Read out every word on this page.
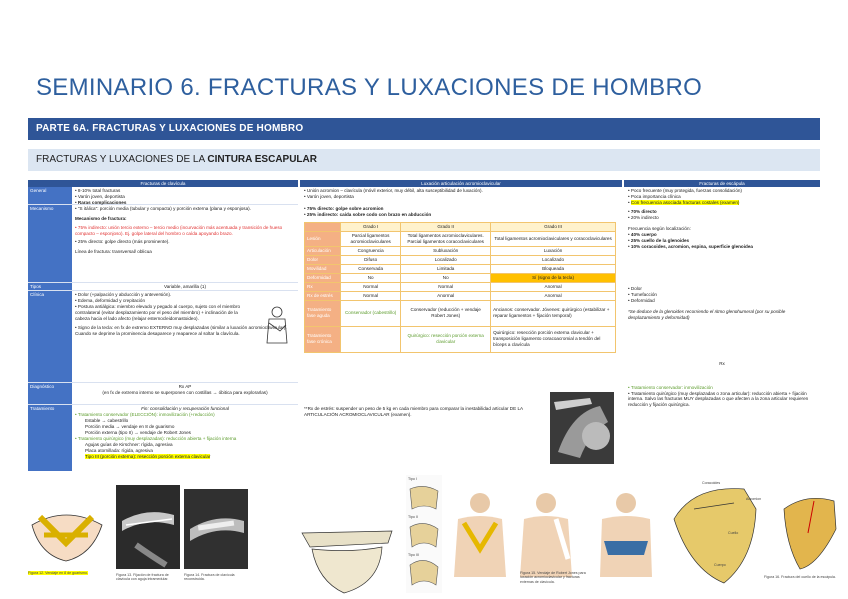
SEMINARIO 6. FRACTURAS Y LUXACIONES DE HOMBRO
PARTE 6A. FRACTURAS Y LUXACIONES DE HOMBRO
FRACTURAS Y LUXACIONES DE LA CINTURA ESCAPULAR
Fracturas de clavícula
General	• 8-10% total fracturas
• Varón joven, deportista
• Raras complicaciones
Mecanismo	• "S itálica": porción media (tubular y compacta) y porción externa (plana y esponjosa).
Mecanismo de fractura:
• 75% indirecto: unión tercio externo – tercio medio (incurvación más acentuada y transición de hueso compacto – esponjoso). Ej. golpe lateral del hombro o caída apoyando brazo.
• 25% directo: golpe directo (más prominente).
Línea de fractura: transversal/ oblicua
Tipos	Variable, amarilla (1)
Clínica	• Dolor (+palpación y abducción y anteversión).
• Edema, deformidad y crepitación
• Postura antiálgica: miembro elevado y pegado al cuerpo, sujeto con el miembro contralateral (evitar desplazamiento por el peso del miembro) + inclinación de la cabeza hacia el lado afecto (relajar esternocleidomastoideo).
• Signo de la tecla: en fx de extremo EXTERNO muy desplazadas (similar a luxación acromioclavicular). Cuando se deprime la prominencia desaparece y reaparece al soltar la clavícula.
Diagnóstico	Rx AP
(en fx de extremo interno se superponen con costillas → óbitica para explorarlas)
Tratamiento	Fin: consolidación y recuperación funcional
• Tratamiento conservador (ELECCIÓN): inmovilización (+reducción)
Estable → cabestrillo
Porción media → vendaje en 8 de guarismo
Porción externa (tipo II) → vendaje de Robert Jones
• Tratamiento quirúrgico (muy desplazadas): reducción abierta + fijación interna
Agujas guías de Kirschner: rígida, agresiva
Placa atornillada: rígida, agresiva
Tipo III (porción externa): resección porción externa clavicular
Luxación articulación acromioclavicular
• Unión acromion – clavícula (móvil exterior, muy débil, alta susceptibilidad de luxación).
• Varón joven, deportista
• 75% directo: golpe sobre acromion
• 25% indirecto: caída sobre codo con brazo en abducción
	Grado I	Grado II	Grado III
Lesión	Parcial ligamentos acromioclaviculares	Total ligamentos acromioclaviculares. Parcial ligamentos coracoclaviculares	Total ligamentos acromioclaviculares y coracoclaviculares
Articulación	Congruencia	Subluxación	Luxación
Dolor	Difuso	Localizado	Localizado
Movilidad	Conservada	Limitada	Bloqueada
Deformidad	No	No	Sí (signo de la tecla)
Rx	Normal	Normal	Anormal
Rx de estrés	Normal	Anormal	Anormal
Tratamiento fase aguda	Conservador (cabestrillo)	Conservador (reducción + vendaje Robert Jones)	Ancianos: conservador. Jóvenes: quirúrgico (estabilizar + reparar ligamentos + fijación temporal)
Tratamiento fase crónica		Quirúrgico: resección porción externa clavicular	Quirúrgico: resección porción externa clavicular + transposición ligamento coracoacromial a tendón del bíceps a clavícula
**Rx de estrés: suspender un peso de 5 kg en cada miembro para comparar la inestabilidad articular DE LA ARTICULACIÓN ACROMIOCLAVICULAR (examen).
Fracturas de escápula
• Poco frecuente (muy protegida, fuerzas consolidación)
• Poca importancia clínica
• Con frecuencia asociada fracturas costales (examen)
• 70% directo
• 20% indirecto
Frecuencia según localización:
• 40% cuerpo
• 25% cuello de la glenoides
• 10% coracoides, acromion, espina, superficie glenoidea
• Dolor
• Tumefacción
• Deformidad
*Se deduce de la glenoides recorriendo el ritmo glenohumeral (por su posible desplazamiento y deformidad)
Rx
• Tratamiento conservador: inmovilización
• Tratamiento quirúrgico (muy desplazadas o zona articular): reducción abierta + fijación interna. Salvo las fracturas MUY desplazadas o que afecten a la zona articular requieren reducción y fijación quirúrgica.
Figura 12. Vendaje en 8 de guarismo.	Figura 13. Fijación de fractura de clavícula con aguja intramedular.
Figura 14. Fractura de clavícula reconstruida.
Tipo I
Tipo II
Tipo III
Figura 15. Vendaje de Robert Jones para luxación acromioclavicular y fracturas externas de clavícula.
Coracoides
Acromion
Cuello
Cuerpo
Figura 16. Fractura del cuello de la escápula.
